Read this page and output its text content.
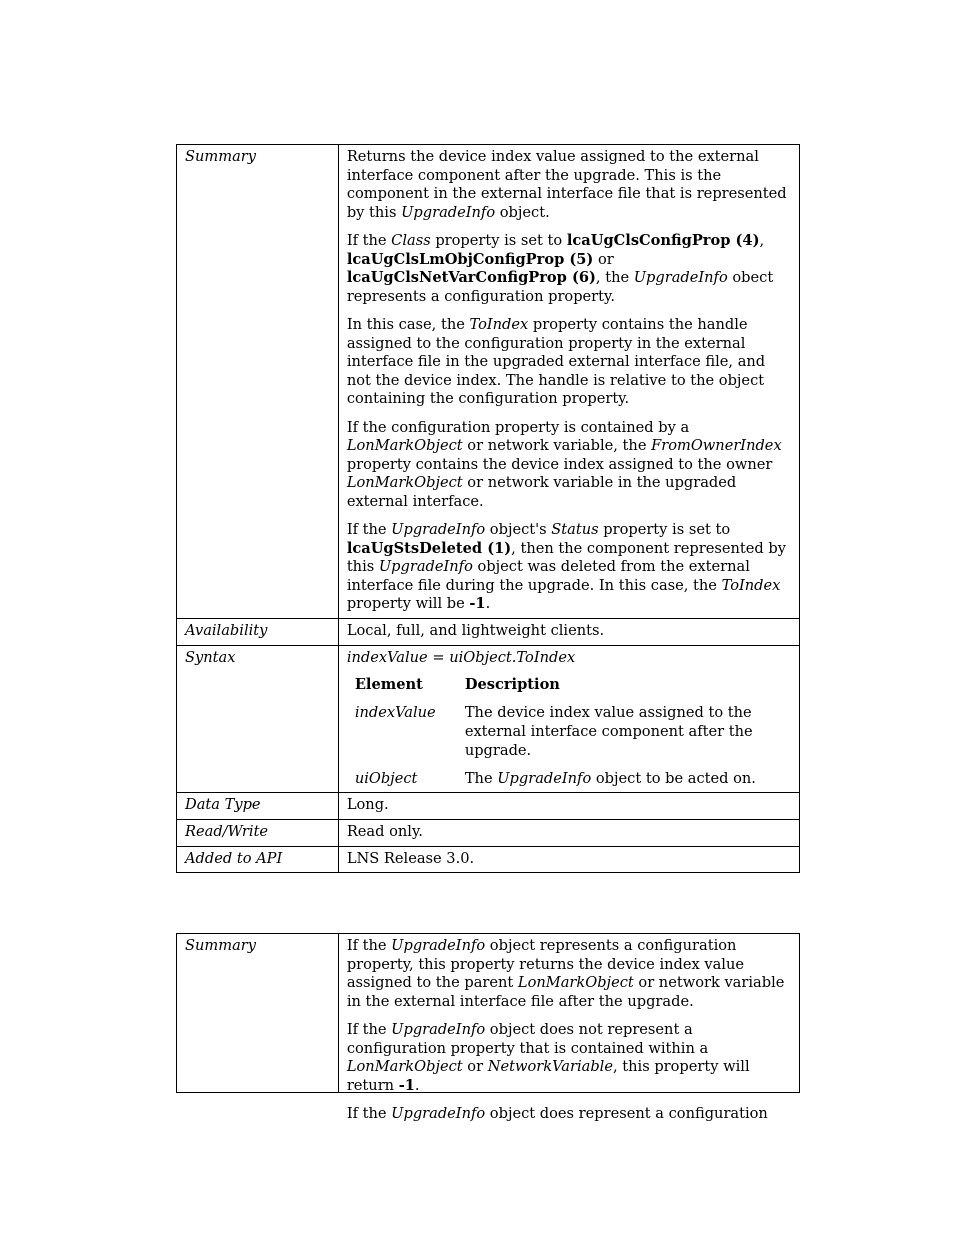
Summary	Returns the device index value assigned to the external interface component after the upgrade. This is the component in the external interface file that is represented by this UpgradeInfo object.

If the Class property is set to lcaUgClsConfigProp (4), lcaUgClsLmObjConfigProp (5) or lcaUgClsNetVarConfigProp (6), the UpgradeInfo obect represents a configuration property.

In this case, the ToIndex property contains the handle assigned to the configuration property in the external interface file in the upgraded external interface file, and not the device index. The handle is relative to the object containing the configuration property.

If the configuration property is contained by a LonMarkObject or network variable, the FromOwnerIndex property contains the device index assigned to the owner LonMarkObject or network variable in the upgraded external interface.

If the UpgradeInfo object's Status property is set to lcaUgStsDeleted (1), then the component represented by this UpgradeInfo object was deleted from the external interface file during the upgrade. In this case, the ToIndex property will be -1.

Availability	Local, full, and lightweight clients.
Syntax	indexValue = uiObject.ToIndex
Element	Description
indexValue	The device index value assigned to the external interface component after the upgrade.
uiObject	The UpgradeInfo object to be acted on.

Data Type	Long.
Read/Write	Read only.
Added to API	LNS Release 3.0.
Summary	If the UpgradeInfo object represents a configuration property, this property returns the device index value assigned to the parent LonMarkObject or network variable in the external interface file after the upgrade.

If the UpgradeInfo object does not represent a configuration property that is contained within a LonMarkObject or NetworkVariable, this property will return -1.

If the UpgradeInfo object does represent a configuration
